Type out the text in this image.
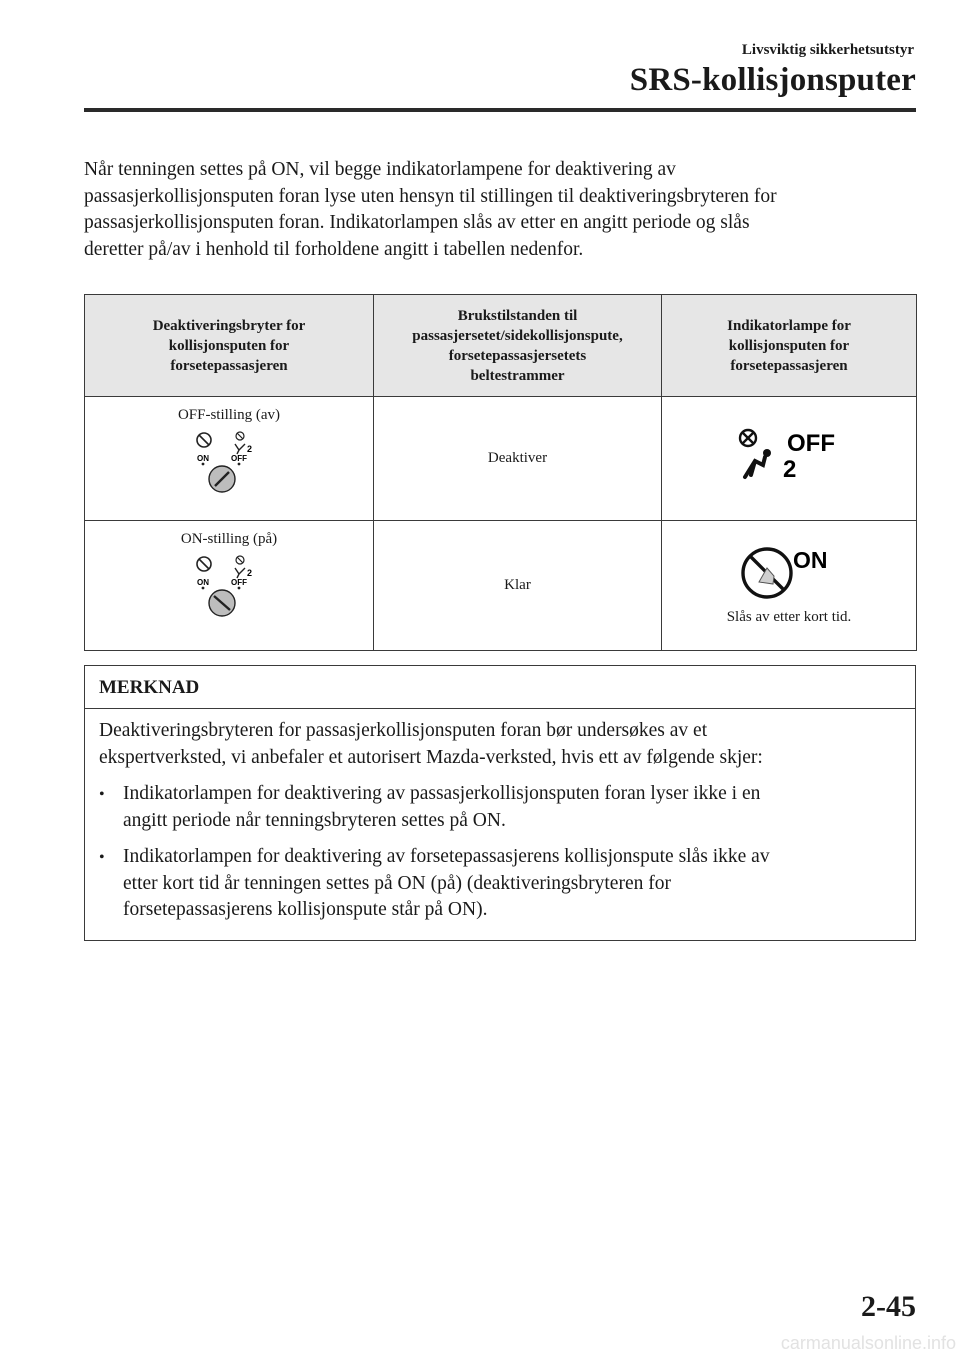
Livsviktig sikkerhetsutstyr
SRS-kollisjonsputer
Når tenningen settes på ON, vil begge indikatorlampene for deaktivering av
passasjerkollisjonsputen foran lyse uten hensyn til stillingen til deaktiveringsbryteren for
passasjerkollisjonsputen foran. Indikatorlampen slås av etter en angitt periode og slås
deretter på/av i henhold til forholdene angitt i tabellen nedenfor.
Deaktiveringsbryter for
kollisjonsputen for
forsetepassasjeren	Brukstilstanden til
passasjersetet/sidekollisjonspute,
forsetepassasjersetets
beltestrammer	Indikatorlampe for
kollisjonsputen for
forsetepassasjeren

OFF-stilling (av)
2
ON OFF	Deaktiver	OFF
2

ON-stilling (på)
2
ON OFF	Klar	ON
Slås av etter kort tid.
MERKNAD
Deaktiveringsbryteren for passasjerkollisjonsputen foran bør undersøkes av et
ekspertverksted, vi anbefaler et autorisert Mazda-verksted, hvis ett av følgende skjer:
• Indikatorlampen for deaktivering av passasjerkollisjonsputen foran lyser ikke i en
angitt periode når tenningsbryteren settes på ON.
• Indikatorlampen for deaktivering av forsetepassasjerens kollisjonspute slås ikke av
etter kort tid år tenningen settes på ON (på) (deaktiveringsbryteren for
forsetepassasjerens kollisjonspute står på ON).
2-45
carmanualsonline.info
